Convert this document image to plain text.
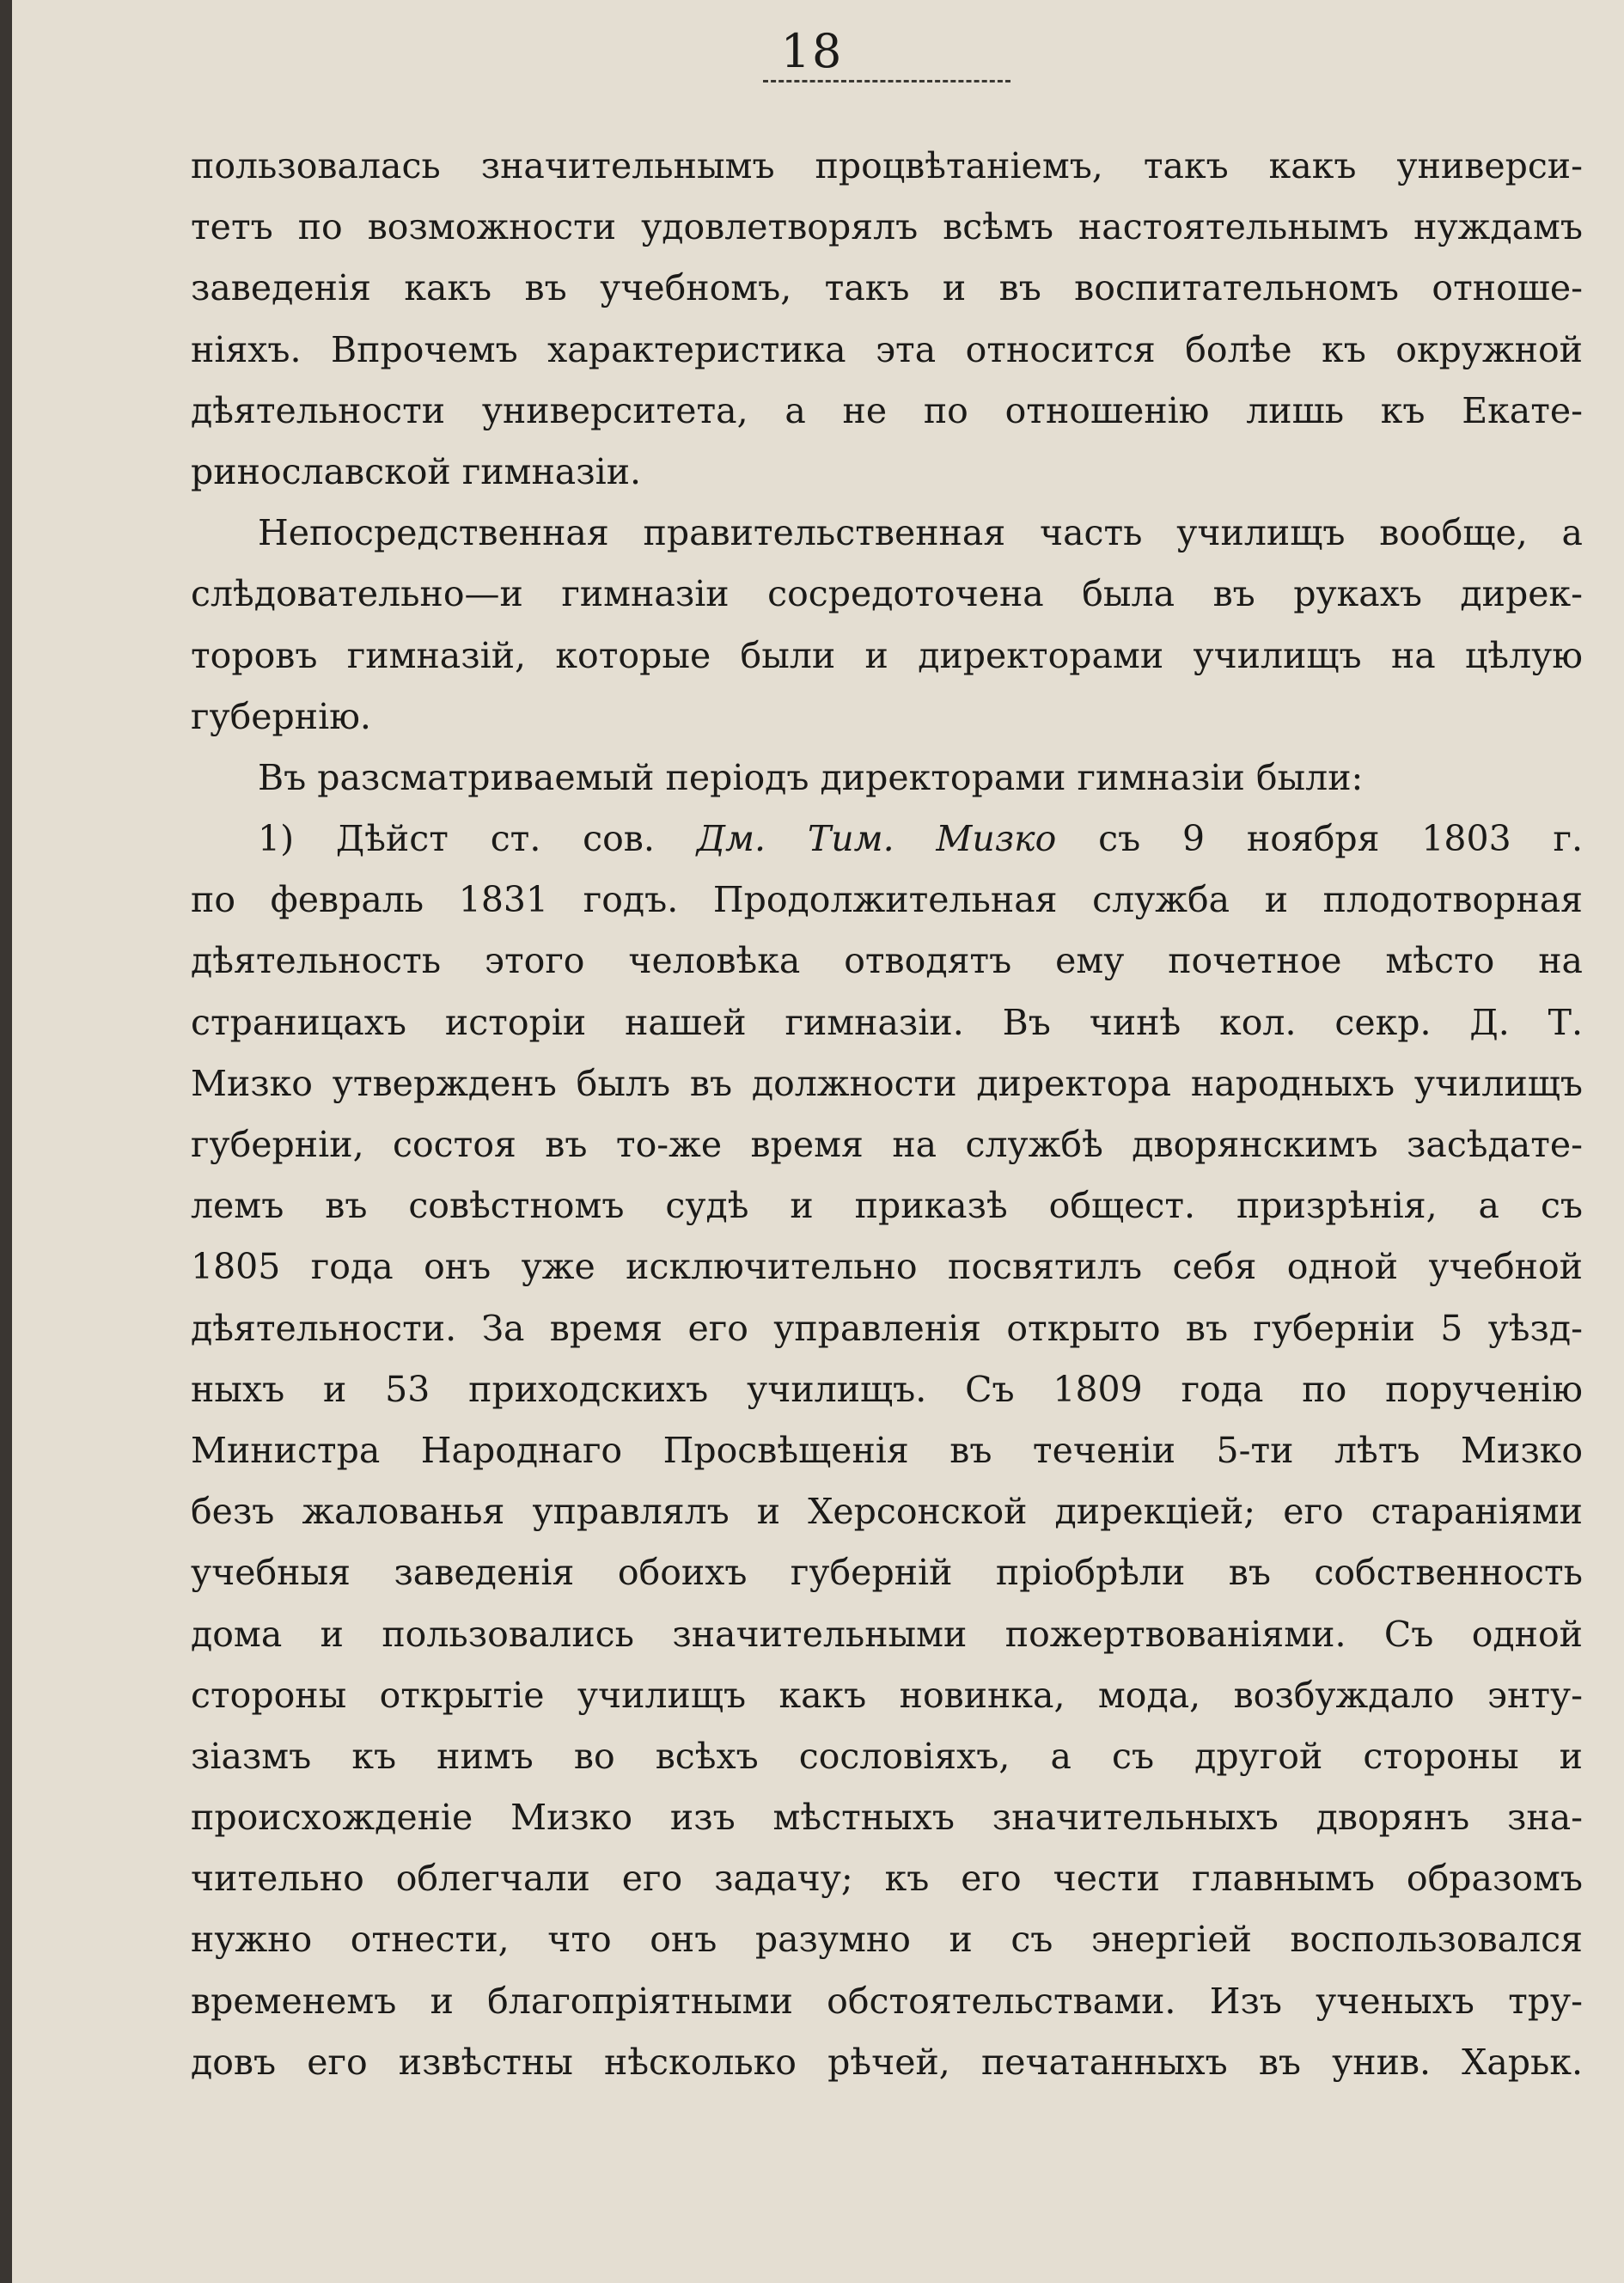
18
пользовалась значительнымъ процвѣтаніемъ, такъ какъ универси-
тетъ по возможности удовлетворялъ всѣмъ настоятельнымъ нуждамъ
заведенія какъ въ учебномъ, такъ и въ воспитательномъ отноше-
ніяхъ. Впрочемъ характеристика эта относится болѣе къ окружной
дѣятельности университета, а не по отношенію лишь къ Екате-
ринославской гимназіи.
Непосредственная правительственная часть училищъ вообще, а
слѣдовательно—и гимназіи сосредоточена была въ рукахъ дирек-
торовъ гимназій, которые были и директорами училищъ на цѣлую
губернію.
Въ разсматриваемый періодъ директорами гимназіи были:
1) Дѣйст ст. сов. Дм. Тим. Мизко съ 9 ноября 1803 г.
по февраль 1831 годъ. Продолжительная служба и плодотворная
дѣятельность этого человѣка отводятъ ему почетное мѣсто на
страницахъ исторіи нашей гимназіи. Въ чинѣ кол. секр. Д. Т.
Мизко утвержденъ былъ въ должности директора народныхъ училищъ
губерніи, состоя въ то-же время на службѣ дворянскимъ засѣдате-
лемъ въ совѣстномъ судѣ и приказѣ общест. призрѣнія, а съ
1805 года онъ уже исключительно посвятилъ себя одной учебной
дѣятельности. За время его управленія открыто въ губерніи 5 уѣзд-
ныхъ и 53 приходскихъ училищъ. Съ 1809 года по порученію
Министра Народнаго Просвѣщенія въ теченіи 5-ти лѣтъ Мизко
безъ жалованья управлялъ и Херсонской дирекціей; его стараніями
учебныя заведенія обоихъ губерній пріобрѣли въ собственность
дома и пользовались значительными пожертвованіями. Съ одной
стороны открытіе училищъ какъ новинка, мода, возбуждало энту-
зіазмъ къ нимъ во всѣхъ сословіяхъ, а съ другой стороны и
происхожденіе Мизко изъ мѣстныхъ значительныхъ дворянъ зна-
чительно облегчали его задачу; къ его чести главнымъ образомъ
нужно отнести, что онъ разумно и съ энергіей воспользовался
временемъ и благопріятными обстоятельствами. Изъ ученыхъ тру-
довъ его извѣстны нѣсколько рѣчей, печатанныхъ въ унив. Харьк.
